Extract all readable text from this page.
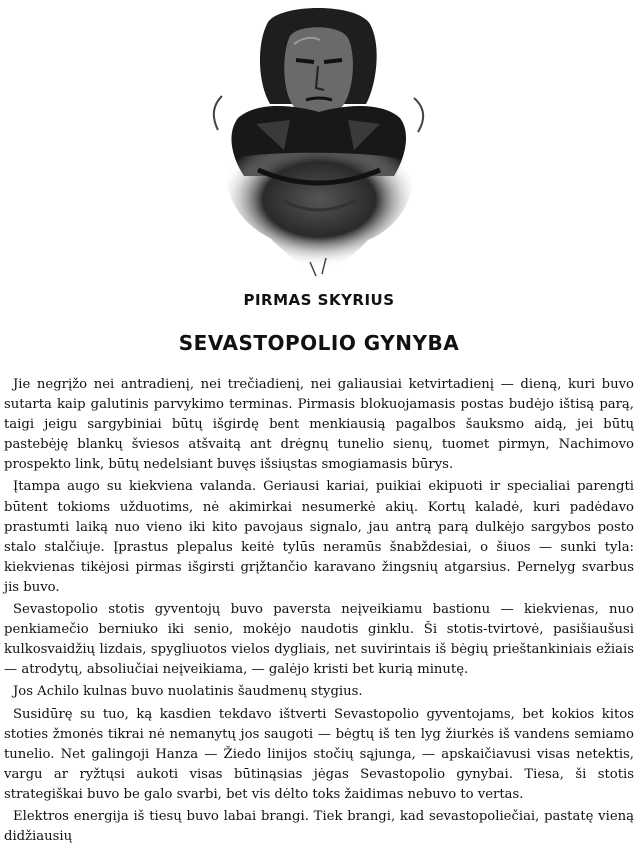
PIRMAS SKYRIUS
SEVASTOPOLIO GYNYBA

Jie negrįžo nei antradienį, nei trečiadienį, nei galiausiai ketvirtadienį — dieną, kuri buvo sutarta kaip galutinis parvykimo terminas. Pirmasis blokuojamasis postas budėjo ištisą parą, taigi jeigu sargybiniai būtų išgirdę bent menkiausią pagalbos šauksmo aidą, jei būtų pastebėję blankų šviesos atšvaitą ant drėgnų tunelio sienų, tuomet pirmyn, Nachimovo prospekto link, būtų nedelsiant buvęs išsiųstas smogiamasis būrys.

Įtampa augo su kiekviena valanda. Geriausi kariai, puikiai ekipuoti ir specialiai parengti būtent tokioms užduotims, nė akimirkai nesumerkė akių. Kortų kaladė, kuri padėdavo prastumti laiką nuo vieno iki kito pavojaus signalo, jau antrą parą dulkėjo sargybos posto stalo stalčiuje. Įprastus plepalus keitė tylūs neramūs šnabždesiai, o šiuos — sunki tyla: kiekvienas tikėjosi pirmas išgirsti grįžtančio karavano žingsnių atgarsius. Pernelyg svarbus jis buvo.

Sevastopolio stotis gyventojų buvo paversta neįveikiamu bastionu — kiekvienas, nuo penkiamečio berniuko iki senio, mokėjo naudotis ginklu. Ši stotis-tvirtovė, pasišiaušusi kulkosvaidžių lizdais, spygliuotos vielos dygliais, net suvirintais iš bėgių prieštankiniais ežiais — atrodytų, absoliučiai neįveikiama, — galėjo kristi bet kurią minutę.

Jos Achilo kulnas buvo nuolatinis šaudmenų stygius.

Susidūrę su tuo, ką kasdien tekdavo ištverti Sevastopolio gyventojams, bet kokios kitos stoties žmonės tikrai nė nemanytų jos saugoti — bėgtų iš ten lyg žiurkės iš vandens semiamo tunelio. Net galingoji Hanza — Žiedo linijos stočių sąjunga, — apskaičiavusi visas netektis, vargu ar ryžtųsi aukoti visas būtinąsias jėgas Sevastopolio gynybai. Tiesa, ši stotis strategiškai buvo be galo svarbi, bet vis dėlto toks žaidimas nebuvo to vertas.

Elektros energija iš tiesų buvo labai brangi. Tiek brangi, kad sevastopoliečiai, pastatę vieną didžiausių
